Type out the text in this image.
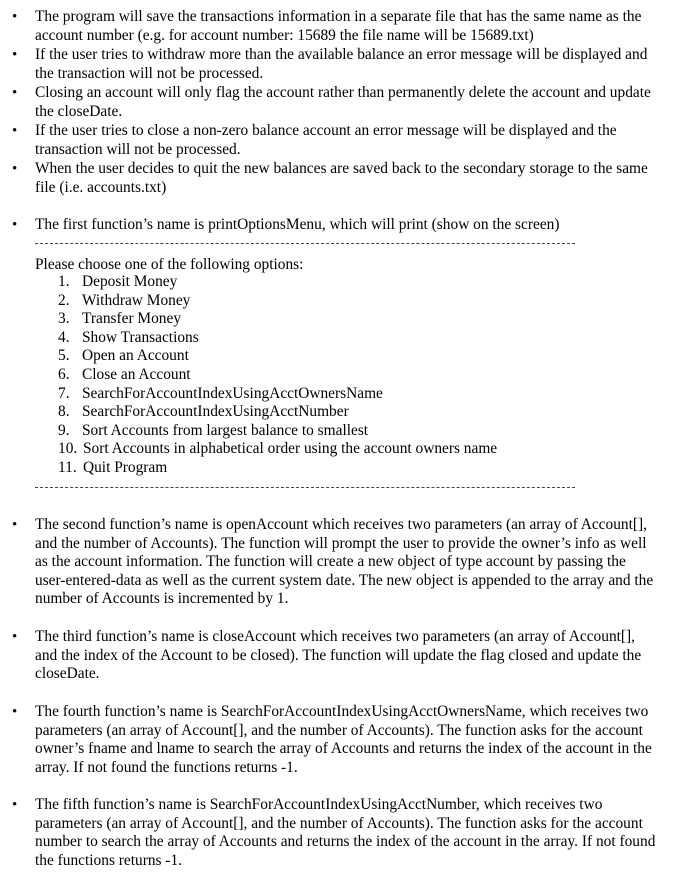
• The program will save the transactions information in a separate file that has the same name as the account number (e.g. for account number: 15689 the file name will be 15689.txt)
• If the user tries to withdraw more than the available balance an error message will be displayed and the transaction will not be processed.
• Closing an account will only flag the account rather than permanently delete the account and update the closeDate.
• If the user tries to close a non-zero balance account an error message will be displayed and the transaction will not be processed.
• When the user decides to quit the new balances are saved back to the secondary storage to the same file (i.e. accounts.txt)
• The first function’s name is printOptionsMenu, which will print (show on the screen)
Please choose one of the following options:
1. Deposit Money
2. Withdraw Money
3. Transfer Money
4. Show Transactions
5. Open an Account
6. Close an Account
7. SearchForAccountIndexUsingAcctOwnersName
8. SearchForAccountIndexUsingAcctNumber
9. Sort Accounts from largest balance to smallest
10. Sort Accounts in alphabetical order using the account owners name
11. Quit Program
• The second function’s name is openAccount which receives two parameters (an array of Account[], and the number of Accounts). The function will prompt the user to provide the owner’s info as well as the account information. The function will create a new object of type account by passing the user-entered-data as well as the current system date. The new object is appended to the array and the number of Accounts is incremented by 1.
• The third function’s name is closeAccount which receives two parameters (an array of Account[], and the index of the Account to be closed). The function will update the flag closed and update the closeDate.
• The fourth function’s name is SearchForAccountIndexUsingAcctOwnersName, which receives two parameters (an array of Account[], and the number of Accounts). The function asks for the account owner’s fname and lname to search the array of Accounts and returns the index of the account in the array. If not found the functions returns -1.
• The fifth function’s name is SearchForAccountIndexUsingAcctNumber, which receives two parameters (an array of Account[], and the number of Accounts). The function asks for the account number to search the array of Accounts and returns the index of the account in the array. If not found the functions returns -1.
